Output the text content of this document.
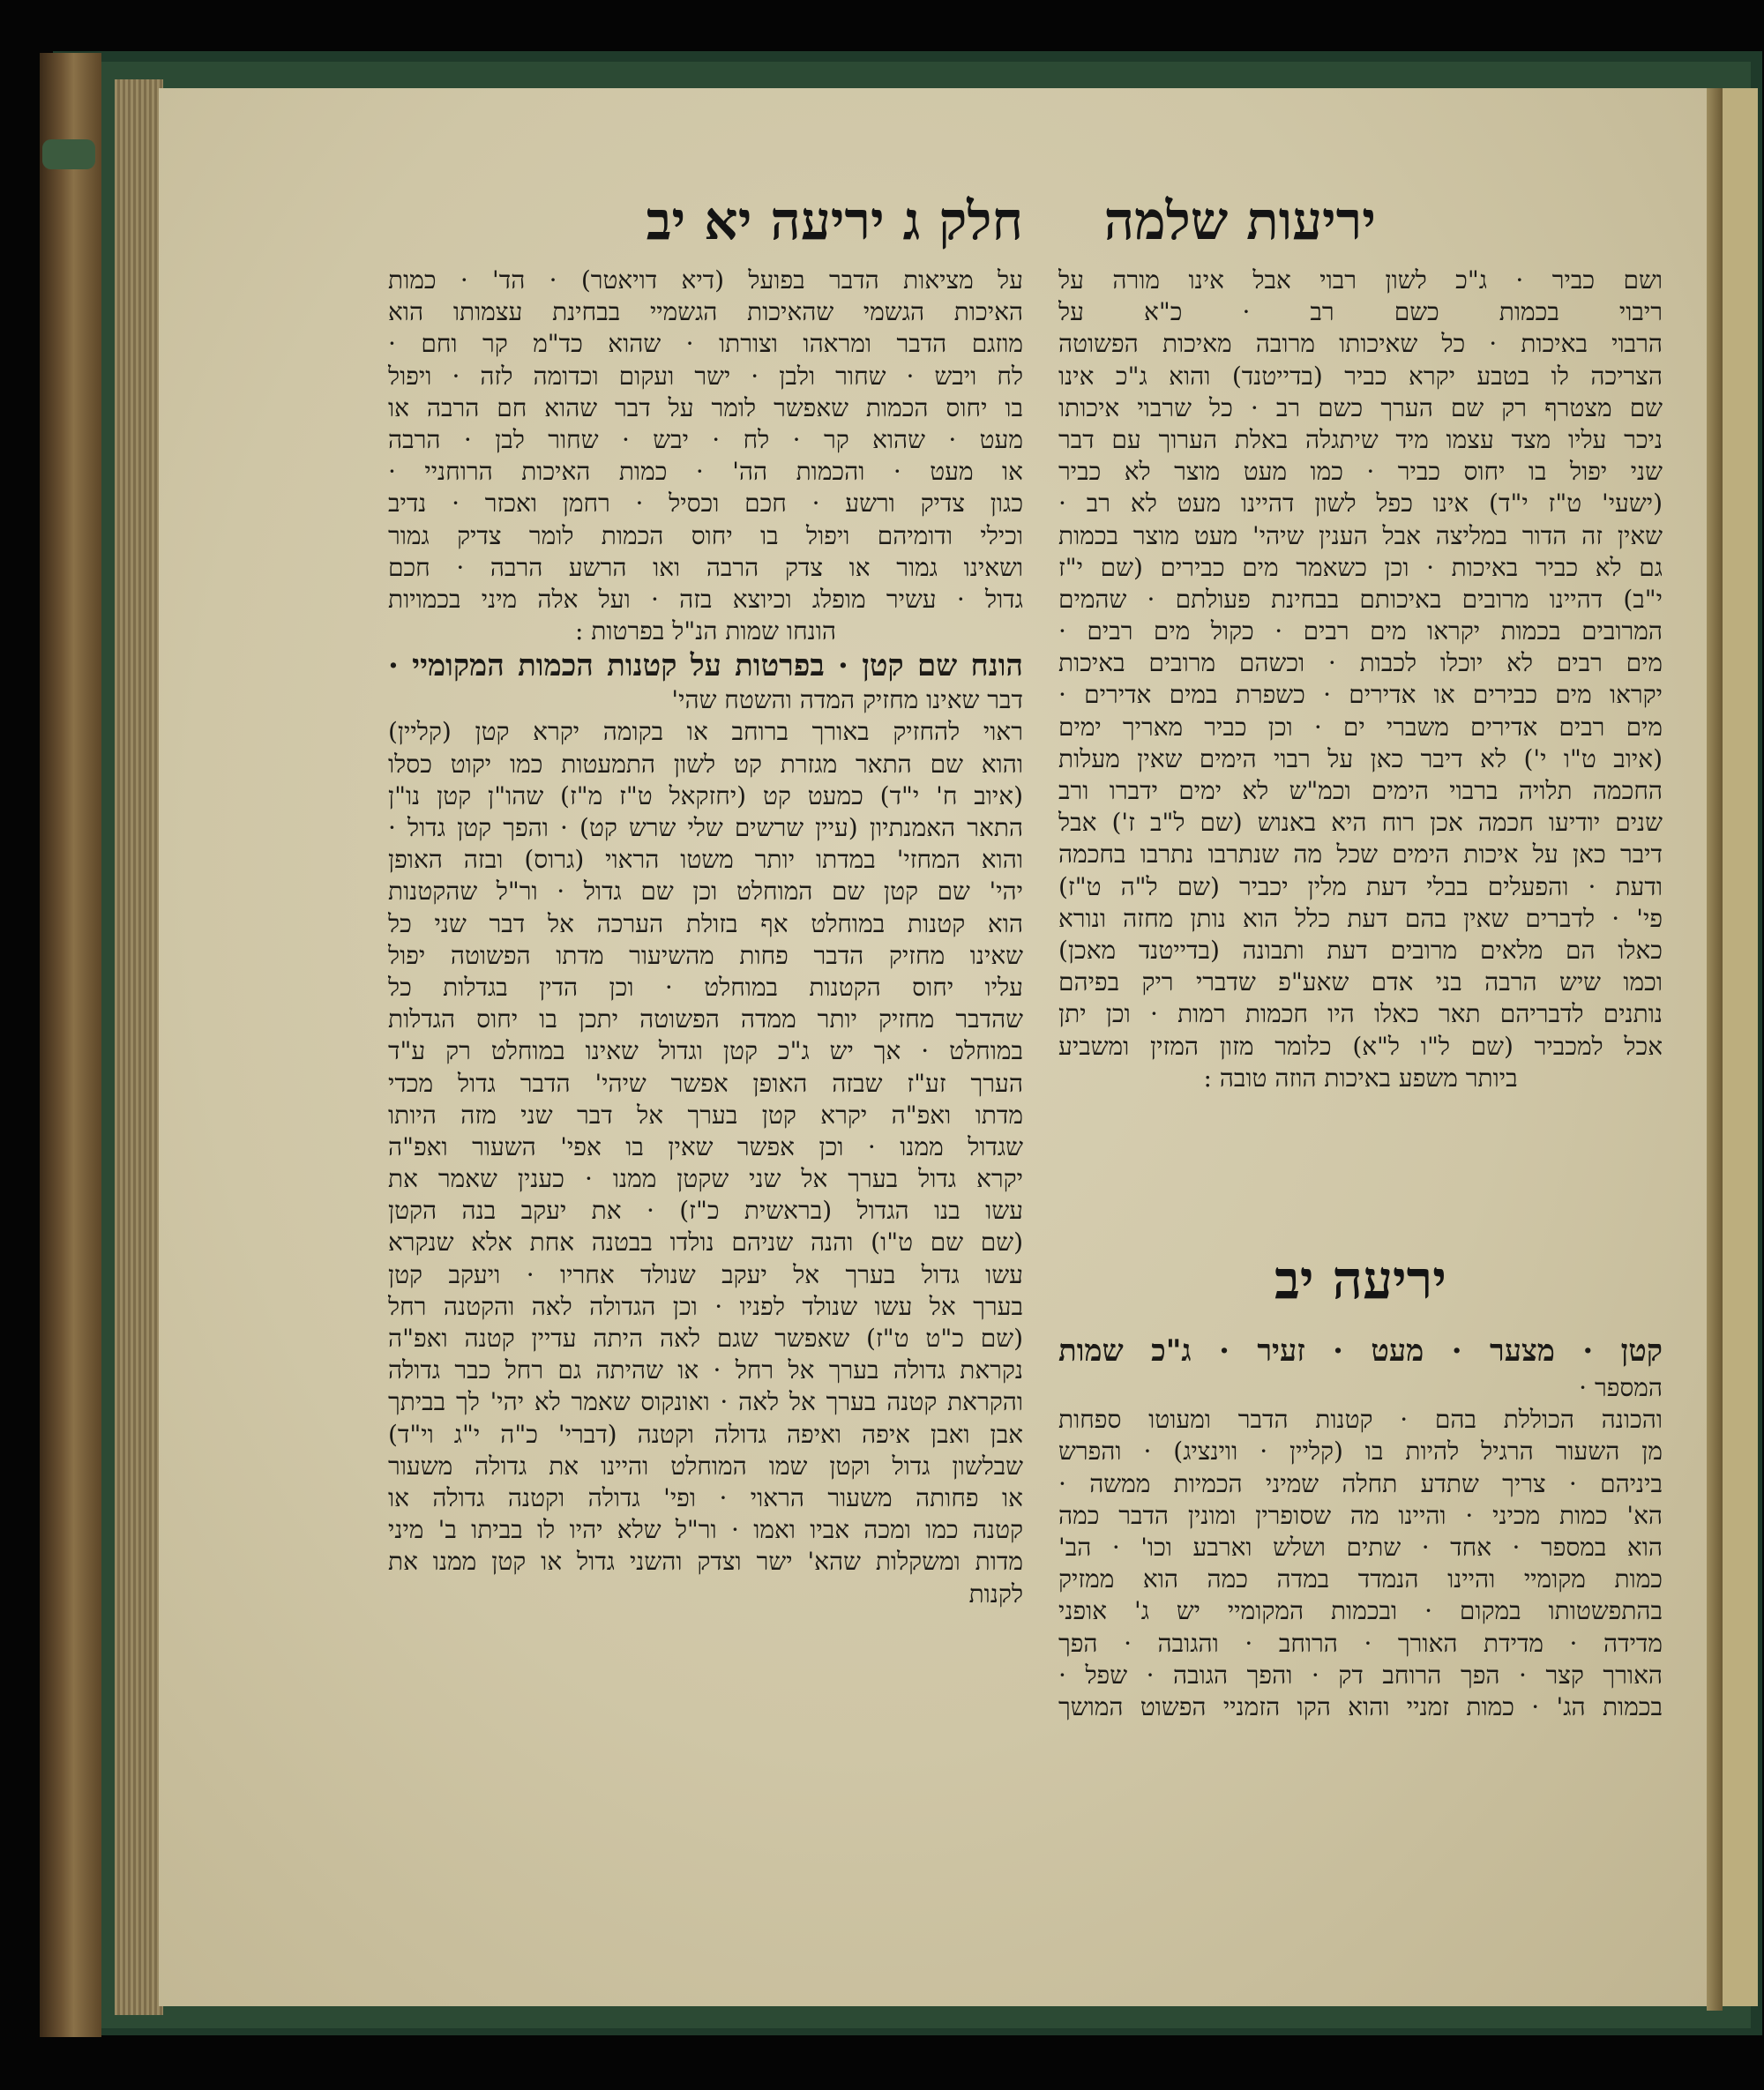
יריעות שלמה
חלק ג יריעה יא יב
ושם כביר · ג"כ לשון רבוי אבל אינו מורה על
ריבוי בכמות כשם רב · כ"א על
הרבוי באיכות · כל שאיכותו מרובה מאיכות הפשוטה
הצריכה לו בטבע יקרא כביר (בדייטנד) והוא ג"כ אינו
שם מצטרף רק שם הערך כשם רב · כל שרבוי איכותו
ניכר עליו מצד עצמו מיד שיתגלה באלת הערוך עם דבר
שני יפול בו יחוס כביר · כמו מעט מוצר לא כביר
(ישעי' ט"ז י"ד) אינו כפל לשון דהיינו מעט לא רב ·
שאין זה הדור במליצה אבל הענין שיהי' מעט מוצר בכמות
גם לא כביר באיכות · וכן כשאמר מים כבירים (שם י"ז
י"ב) דהיינו מרובים באיכותם בבחינת פעולתם · שהמים
המרובים בכמות יקראו מים רבים · כקול מים רבים ·
מים רבים לא יוכלו לכבות · וכשהם מרובים באיכות
יקראו מים כבירים או אדירים · כשפרת במים אדירים ·
מים רבים אדירים משברי ים · וכן כביר מאריך ימים
(איוב ט"ו י') לא דיבר כאן על רבוי הימים שאין מעלות
החכמה תלויה ברבוי הימים וכמ"ש לא ימים ידברו ורב
שנים יודיעו חכמה אכן רוח היא באנוש (שם ל"ב ז') אבל
דיבר כאן על איכות הימים שכל מה שנתרבו נתרבו בחכמה
ודעת · והפעלים בבלי דעת מלין יכביר (שם ל"ה ט"ז)
פי' · לדברים שאין בהם דעת כלל הוא נותן מחזה ונורא
כאלו הם מלאים מרובים דעת ותבונה (בדייטנד מאכן)
וכמו שיש הרבה בני אדם שאע"פ שדברי ריק בפיהם
נותנים לדבריהם תאר כאלו היו חכמות רמות · וכן יתן
אכל למכביר (שם ל"ו ל"א) כלומר מזון המזין ומשביע
ביותר משפע באיכות הוזה טובה :
יריעה יב
קטן · מצער · מעט · זעיר · ג"כ שמות
המספר ·
והכונה הכוללת בהם · קטנות הדבר ומעוטו ספחות
מן השעור הרגיל להיות בו (קליין · ווינציג) · והפרש
ביניהם · צריך שתדע תחלה שמיני הכמיות ממשה ·
הא' כמות מכיני · והיינו מה שסופרין ומונין הדבר כמה
הוא במספר · אחד · שתים ושלש וארבע וכו' · הב'
כמות מקומיי והיינו הנמדד במדה כמה הוא ממזיק
בהתפשטותו במקום · ובכמות המקומיי יש ג' אופני
מדידה · מדידת האורך · הרוחב · והגובה · הפך
האורך קצר · הפך הרוחב דק · והפך הגובה · שפל ·
בכמות הג' · כמות זמניי והוא הקו הזמניי הפשוט המושך
על מציאות הדבר בפועל (דיא דויאטר) · הד' · כמות
האיכות הגשמי שהאיכות הגשמיי בבחינת עצמותו הוא
מוזגם הדבר ומראהו וצורתו · שהוא כד"מ קר וחם ·
לח ויבש · שחור ולבן · ישר ועקום וכדומה לזה · ויפול
בו יחוס הכמות שאפשר לומר על דבר שהוא חם הרבה או
מעט · שהוא קר · לח · יבש · שחור לבן · הרבה
או מעט · והכמות הה' · כמות האיכות הרוחניי ·
כגון צדיק ורשע · חכם וכסיל · רחמן ואכזר · נדיב
וכילי ודומיהם ויפול בו יחוס הכמות לומר צדיק גמור
ושאינו גמור או צדק הרבה ואו הרשע הרבה · חכם
גדול · עשיר מופלג וכיוצא בזה · ועל אלה מיני בכמויות
הונחו שמות הנ"ל בפרטות :
הונח שם קטן · בפרטות על קטנות הכמות המקומיי ·
דבר שאינו מחזיק המדה והשטח שהי'
ראוי להחזיק באורך ברוחב או בקומה יקרא קטן (קליין)
והוא שם התאר מגזרת קט לשון התמעטות כמו יקוט כסלו
(איוב ח' י"ד) כמעט קט (יחזקאל ט"ז מ"ז) שהו"ן קטן נו"ן
התאר האמנתיון (עיין שרשים שלי שרש קט) · והפך קטן גדול ·
והוא המחזי' במדתו יותר משטו הראוי (גרוס) ובזה האופן
יהי' שם קטן שם המוחלט וכן שם גדול · ור"ל שהקטנות
הוא קטנות במוחלט אף בזולת הערכה אל דבר שני כל
שאינו מחזיק הדבר פחות מהשיעור מדתו הפשוטה יפול
עליו יחוס הקטנות במוחלט · וכן הדין בגדלות כל
שהדבר מחזיק יותר ממדה הפשוטה יתכן בו יחוס הגדלות
במוחלט · אך יש ג"כ קטן וגדול שאינו במוחלט רק ע"ד
הערך זע"ז שבזה האופן אפשר שיהי' הדבר גדול מכדי
מדתו ואפ"ה יקרא קטן בערך אל דבר שני מזה היותו
שגדול ממנו · וכן אפשר שאין בו אפי' השעור ואפ"ה
יקרא גדול בערך אל שני שקטן ממנו · כענין שאמר את
עשו בנו הגדול (בראשית כ"ז) · את יעקב בנה הקטן
(שם שם ט"ו) והנה שניהם נולדו בבטנה אחת אלא שנקרא
עשו גדול בערך אל יעקב שנולד אחריו · ויעקב קטן
בערך אל עשו שנולד לפניו · וכן הגדולה לאה והקטנה רחל
(שם כ"ט ט"ז) שאפשר שגם לאה היתה עדיין קטנה ואפ"ה
נקראת גדולה בערך אל רחל · או שהיתה גם רחל כבר גדולה
והקראת קטנה בערך אל לאה · ואונקוס שאמר לא יהי' לך בביתך
אבן ואבן איפה ואיפה גדולה וקטנה (דברי' כ"ה י"ג וי"ד)
שבלשון גדול וקטן שמו המוחלט והיינו את גדולה משעור
או פחותה משעור הראוי · ופי' גדולה וקטנה גדולה או
קטנה כמו ומכה אביו ואמו · ור"ל שלא יהיו לו בביתו ב' מיני
מדות ומשקלות שהא' ישר וצדק והשני גדול או קטן ממנו את
לקנות
